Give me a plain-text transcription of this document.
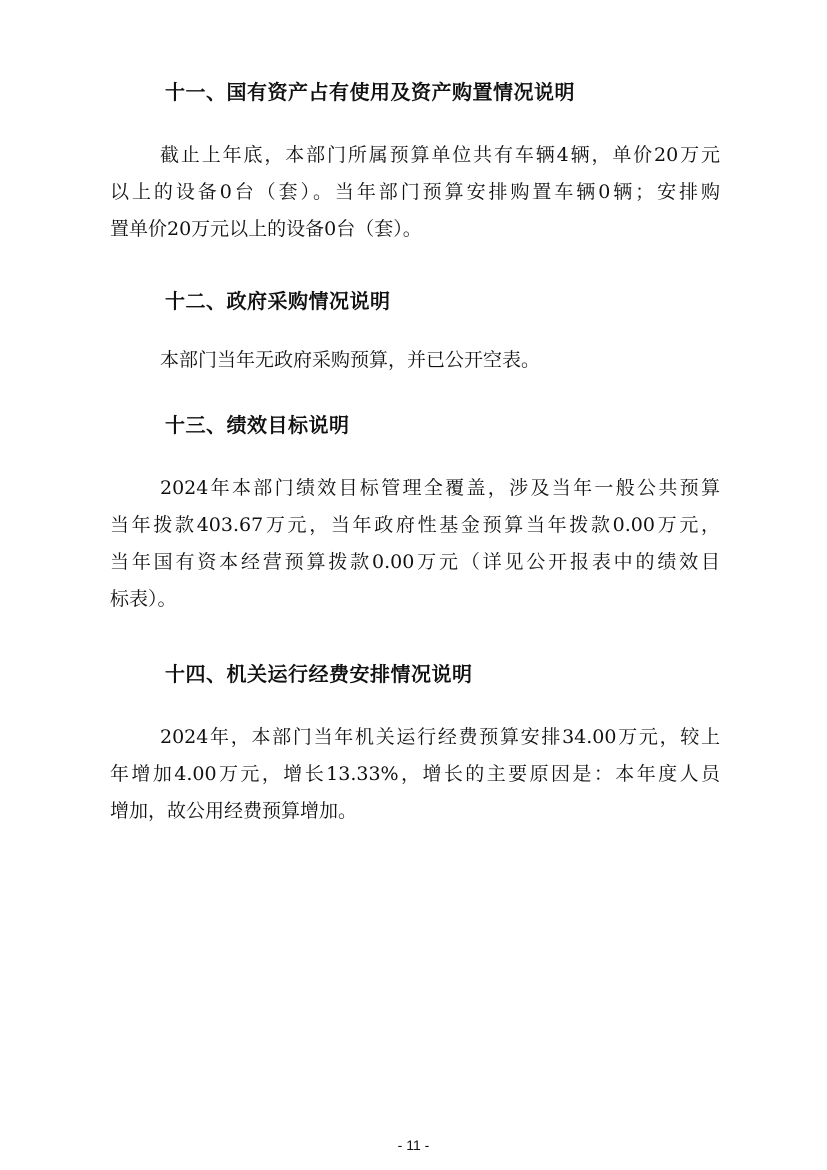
十一、国有资产占有使用及资产购置情况说明
截止上年底，本部门所属预算单位共有车辆4辆，单价20万元
以上的设备0台（套）。当年部门预算安排购置车辆0辆；安排购
置单价20万元以上的设备0台（套）。
十二、政府采购情况说明
本部门当年无政府采购预算，并已公开空表。
十三、绩效目标说明
2024年本部门绩效目标管理全覆盖，涉及当年一般公共预算
当年拨款403.67万元，当年政府性基金预算当年拨款0.00万元，
当年国有资本经营预算拨款0.00万元（详见公开报表中的绩效目
标表）。
十四、机关运行经费安排情况说明
2024年，本部门当年机关运行经费预算安排34.00万元，较上
年增加4.00万元，增长13.33%，增长的主要原因是：本年度人员
增加，故公用经费预算增加。
- 11 -
